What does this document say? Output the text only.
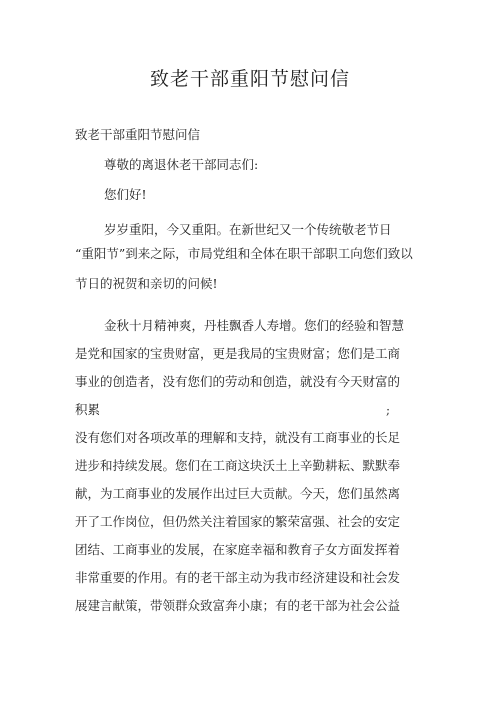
致老干部重阳节慰问信
致老干部重阳节慰问信
尊敬的离退休老干部同志们:
您们好!
岁岁重阳，今又重阳。在新世纪又一个传统敬老节日
“重阳节”到来之际，市局党组和全体在职干部职工向您们致以
节日的祝贺和亲切的问候!
金秋十月精神爽，丹桂飘香人寿增。您们的经验和智慧
是党和国家的宝贵财富，更是我局的宝贵财富；您们是工商
事业的创造者，没有您们的劳动和创造，就没有今天财富的
积累	;
没有您们对各项改革的理解和支持，就没有工商事业的长足
进步和持续发展。您们在工商这块沃土上辛勤耕耘、默默奉
献，为工商事业的发展作出过巨大贡献。今天，您们虽然离
开了工作岗位，但仍然关注着国家的繁荣富强、社会的安定
团结、工商事业的发展，在家庭幸福和教育子女方面发挥着
非常重要的作用。有的老干部主动为我市经济建设和社会发
展建言献策，带领群众致富奔小康；有的老干部为社会公益
